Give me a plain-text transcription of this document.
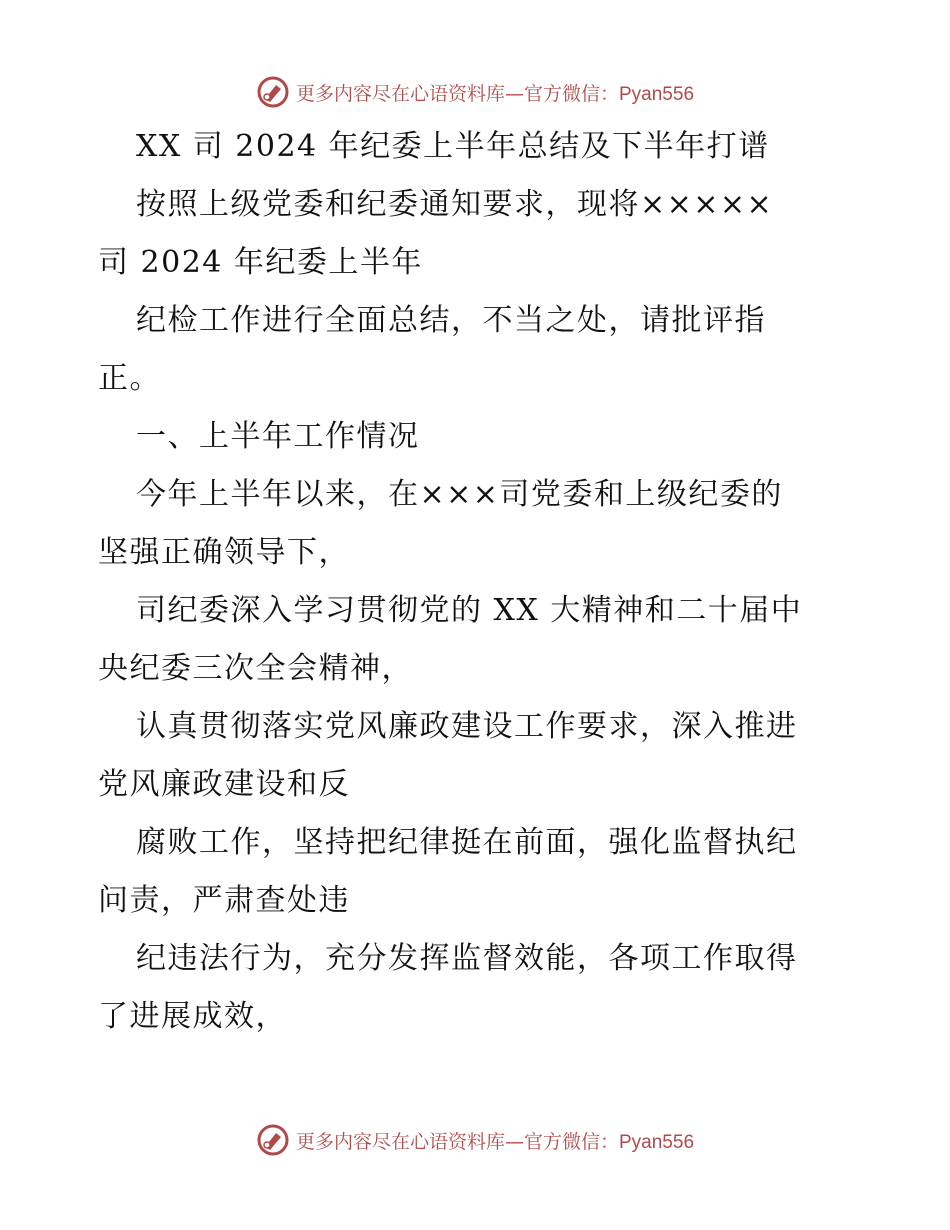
更多内容尽在心语资料库—官方微信：Pyan556
XX 司 2024 年纪委上半年总结及下半年打谱
按照上级党委和纪委通知要求，现将×××××
司 2024 年纪委上半年
纪检工作进行全面总结，不当之处，请批评指
正。
一、上半年工作情况
今年上半年以来，在×××司党委和上级纪委的
坚强正确领导下，
司纪委深入学习贯彻党的 XX 大精神和二十届中
央纪委三次全会精神，
认真贯彻落实党风廉政建设工作要求，深入推进
党风廉政建设和反
腐败工作，坚持把纪律挺在前面，强化监督执纪
问责，严肃查处违
纪违法行为，充分发挥监督效能，各项工作取得
了进展成效，
更多内容尽在心语资料库—官方微信：Pyan556
